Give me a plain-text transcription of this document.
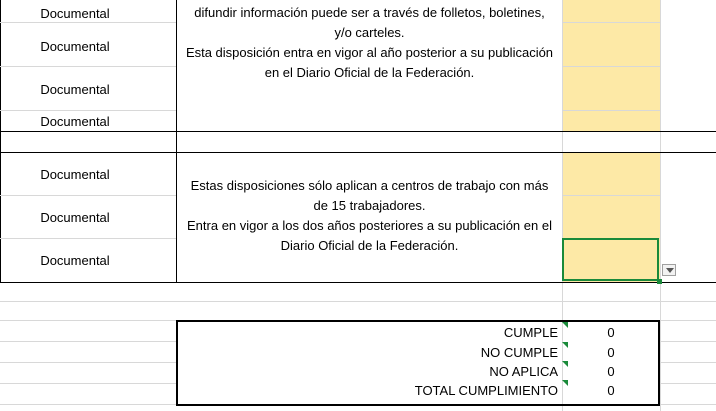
Documental
Documental
Documental
Documental
Documental
Documental
Documental
difundir información puede ser a través de folletos, boletines,
y/o carteles.
Esta disposición entra en vigor al año posterior a su publicación
en el Diario Oficial de la Federación.
Estas disposiciones sólo aplican a centros de trabajo con más
de 15 trabajadores.
Entra en vigor a los dos años posteriores a su publicación en el
Diario Oficial de la Federación.
CUMPLE
NO CUMPLE
NO APLICA
TOTAL CUMPLIMIENTO
0
0
0
0
